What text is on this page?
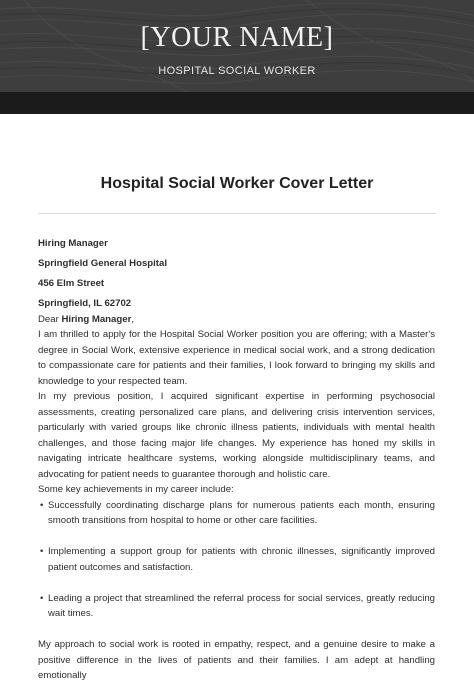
[YOUR NAME]
HOSPITAL SOCIAL WORKER
Hospital Social Worker Cover Letter
Hiring Manager
Springfield General Hospital
456 Elm Street
Springfield, IL 62702

Dear Hiring Manager,

I am thrilled to apply for the Hospital Social Worker position you are offering; with a Master's degree in Social Work, extensive experience in medical social work, and a strong dedication to compassionate care for patients and their families, I look forward to bringing my skills and knowledge to your respected team.

In my previous position, I acquired significant expertise in performing psychosocial assessments, creating personalized care plans, and delivering crisis intervention services, particularly with varied groups like chronic illness patients, individuals with mental health challenges, and those facing major life changes. My experience has honed my skills in navigating intricate healthcare systems, working alongside multidisciplinary teams, and advocating for patient needs to guarantee thorough and holistic care.

Some key achievements in my career include:

• Successfully coordinating discharge plans for numerous patients each month, ensuring smooth transitions from hospital to home or other care facilities.
• Implementing a support group for patients with chronic illnesses, significantly improved patient outcomes and satisfaction.
• Leading a project that streamlined the referral process for social services, greatly reducing wait times.

My approach to social work is rooted in empathy, respect, and a genuine desire to make a positive difference in the lives of patients and their families. I am adept at handling emotionally
